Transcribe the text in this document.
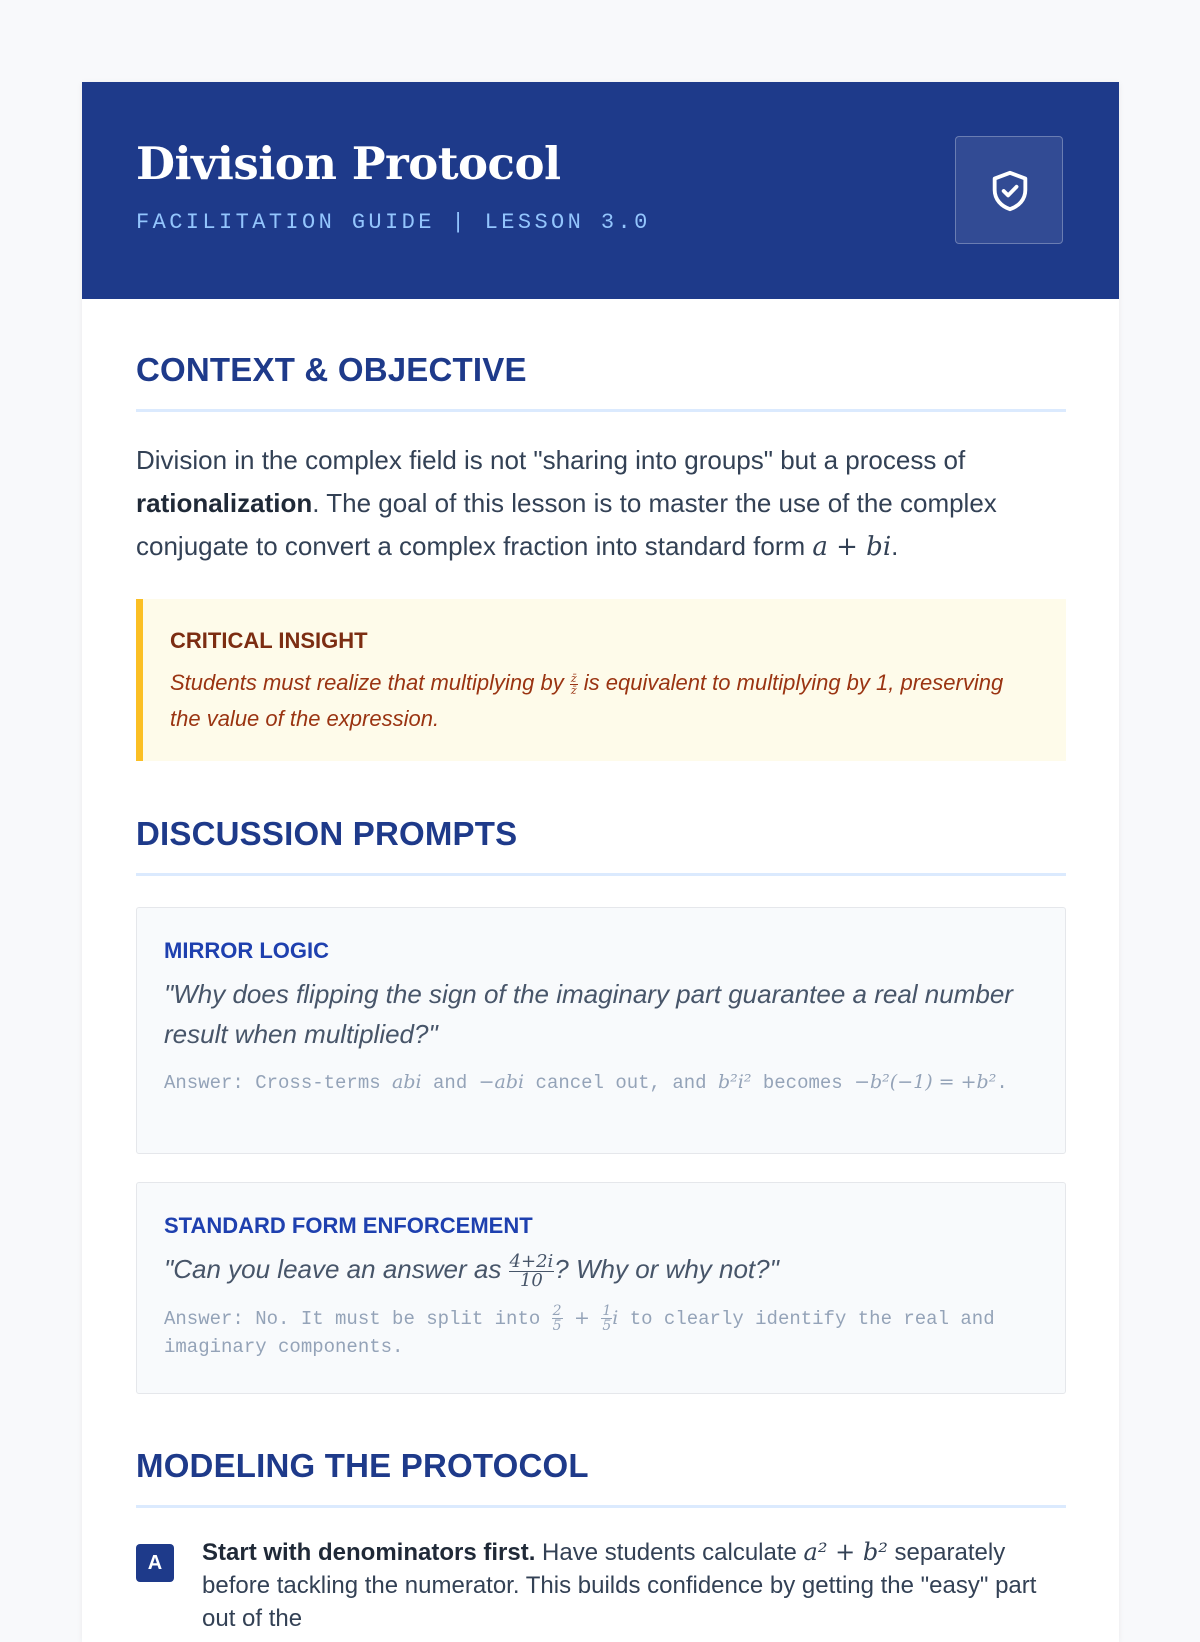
Division Protocol
FACILITATION GUIDE | LESSON 3.0
CONTEXT & OBJECTIVE

Division in the complex field is not "sharing into groups" but a process of rationalization. The goal of this lesson is to master the use of the complex conjugate to convert a complex fraction into standard form a + bi.

CRITICAL INSIGHT
Students must realize that multiplying by $\frac{z̄}{z̄}$ is equivalent to multiplying by 1, preserving the value of the expression.
DISCUSSION PROMPTS
MIRROR LOGIC
"Why does flipping the sign of the imaginary part guarantee a real number result when multiplied?"
Answer: Cross-terms abi and −abi cancel out, and b²i² becomes −b²(−1) = +b².
STANDARD FORM ENFORCEMENT
"Can you leave an answer as $\frac{4+2i}{10}$ ? Why or why not?"
Answer: No. It must be split into $\frac{2}{5} + \frac{1}{5}$ i to clearly identify the real and imaginary components.
MODELING THE PROTOCOL
A	Start with denominators first. Have students calculate a² + b² separately before tackling the numerator. This builds confidence by getting the "easy" part out of the
